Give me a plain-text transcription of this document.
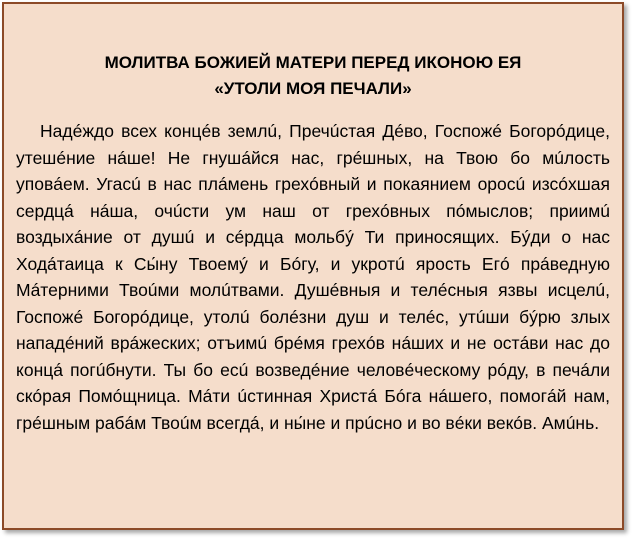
МОЛИТВА БОЖИЕЙ МАТЕРИ ПЕРЕД ИКОНОЮ ЕЯ
«УТОЛИ МОЯ ПЕЧАЛИ»
Надéждо всех концéв землú, Пречúстая Дéво, Госпожé Богорóдице, утешéние нáше! Не гнушáйся нас, грéшных, на Твою бо мúлость уповáем. Угасú в нас плáмень грехóвный и покаянием оросú изсóхшая сердцá нáша, очúсти ум наш от грехóвных пóмыслов; приимú воздыхáние от душú и сéрдца мольбý Ти приносящих. Бýди о нас Ходáтаица к Сы́ну Твоемý и Бóгу, и укротú ярость Егó прáведную Мáтерними Твоúми молúтвами. Душéвныя и телéсныя язвы исцелú, Госпожé Богорóдице, утолú болéзни душ и телéс, утúши бýрю злых нападéний врáжеских; отъимú брéмя грехóв нáших и не остáви нас до концá погúбнути. Ты бо есú возведéние человéческому рóду, в печáли скóрая Помóщница. Мáти úстинная Христá Бóга нáшего, помогáй нам, грéшным рабáм Твоúм всегдá, и ны́не и прúсно и во вéки векóв. Амúнь.
